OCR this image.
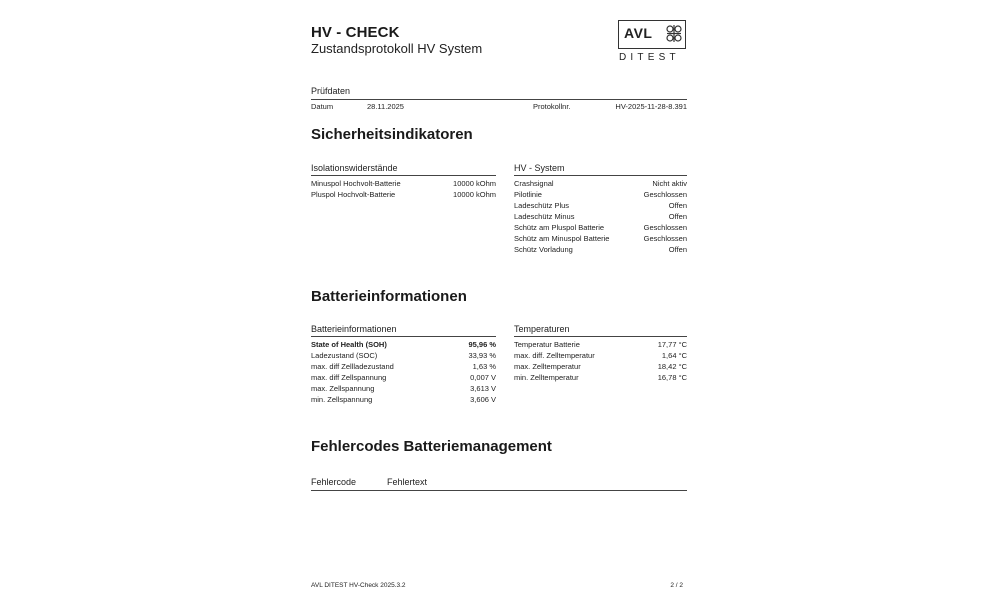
HV - CHECK
Zustandsprotokoll HV System
AVL
DITEST
Prüfdaten
Datum	28.11.2025	Protokollnr.	HV-2025-11-28-8.391
Sicherheitsindikatoren
Isolationswiderstände
Minuspol Hochvolt-Batterie	10000 kOhm
Pluspol Hochvolt-Batterie	10000 kOhm
HV - System
Crashsignal	Nicht aktiv
Pilotlinie	Geschlossen
Ladeschütz Plus	Offen
Ladeschütz Minus	Offen
Schütz am Pluspol Batterie	Geschlossen
Schütz am Minuspol Batterie	Geschlossen
Schütz Vorladung	Offen
Batterieinformationen
Batterieinformationen
State of Health (SOH)	95,96 %
Ladezustand (SOC)	33,93 %
max. diff Zellladezustand	1,63 %
max. diff Zellspannung	0,007 V
max. Zellspannung	3,613 V
min. Zellspannung	3,606 V
Temperaturen
Temperatur Batterie	17,77 °C
max. diff. Zelltemperatur	1,64 °C
max. Zelltemperatur	18,42 °C
min. Zelltemperatur	16,78 °C
Fehlercodes Batteriemanagement
Fehlercode	Fehlertext
AVL DITEST HV-Check 2025.3.2	2 / 2
